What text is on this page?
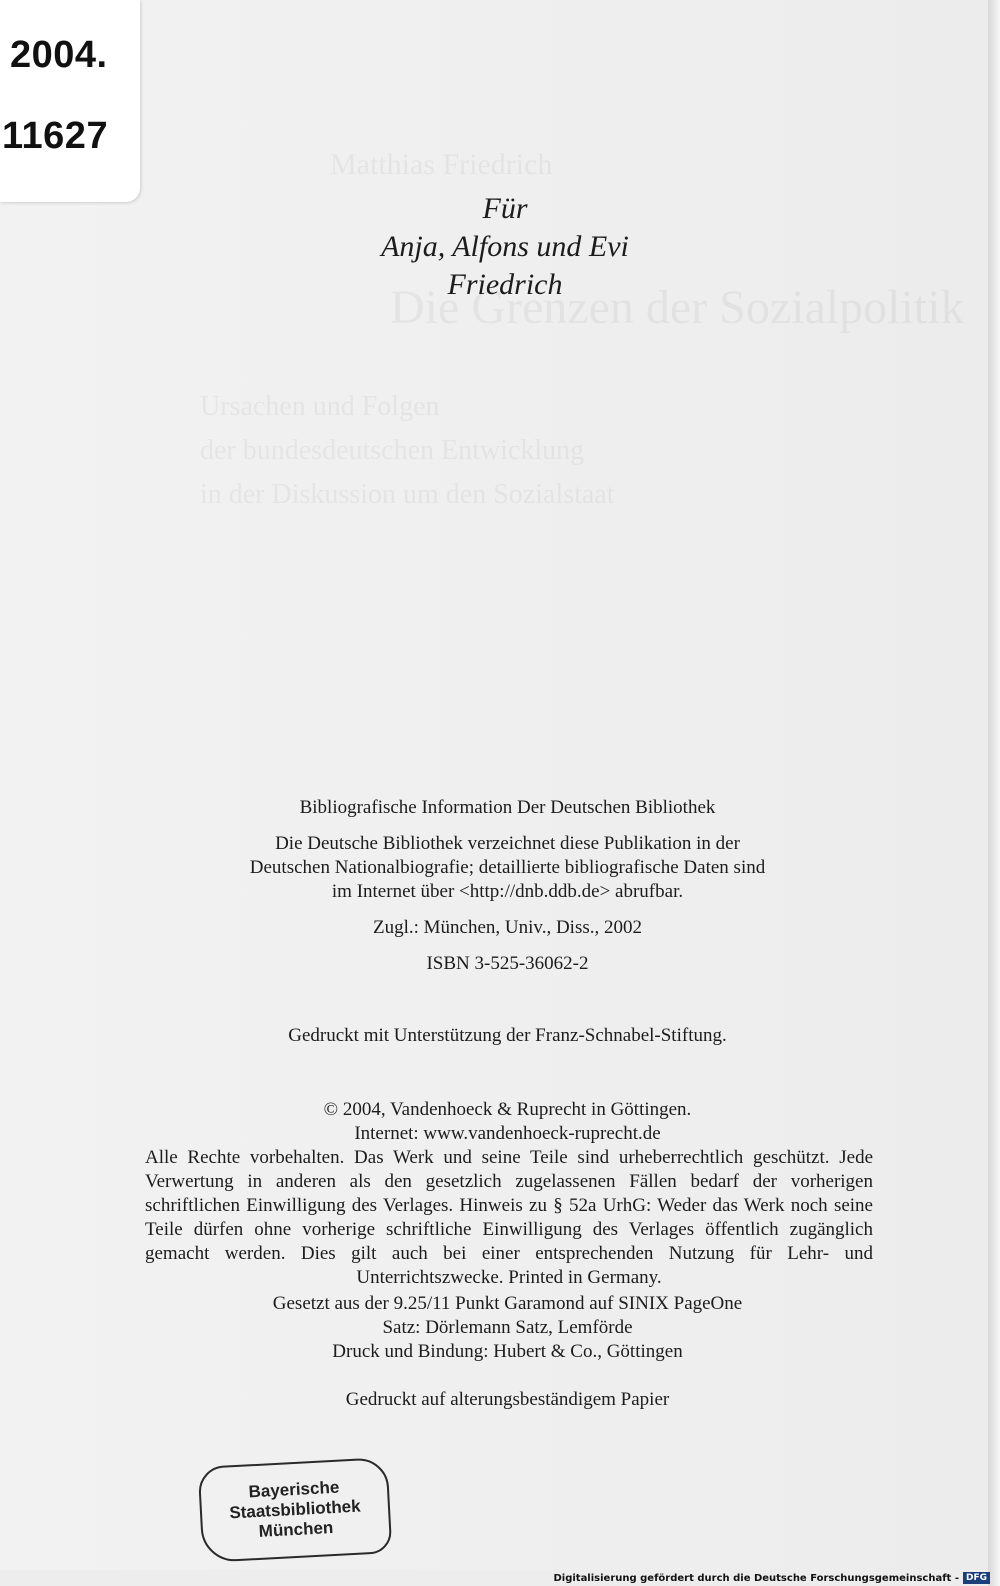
2004.
11627
Für
Anja, Alfons und Evi
Friedrich
Bibliografische Information Der Deutschen Bibliothek
Die Deutsche Bibliothek verzeichnet diese Publikation in der
Deutschen Nationalbiografie; detaillierte bibliografische Daten sind
im Internet über <http://dnb.ddb.de> abrufbar.
Zugl.: München, Univ., Diss., 2002
ISBN 3-525-36062-2
Gedruckt mit Unterstützung der Franz-Schnabel-Stiftung.
© 2004, Vandenhoeck & Ruprecht in Göttingen.
Internet: www.vandenhoeck-ruprecht.de
Alle Rechte vorbehalten. Das Werk und seine Teile sind urheberrechtlich geschützt. Jede Verwertung in anderen als den gesetzlich zugelassenen Fällen bedarf der vorherigen schriftlichen Einwilligung des Verlages. Hinweis zu § 52a UrhG: Weder das Werk noch seine Teile dürfen ohne vorherige schriftliche Einwilligung des Verlages öffentlich zugänglich gemacht werden. Dies gilt auch bei einer entsprechenden Nutzung für Lehr- und Unterrichtszwecke. Printed in Germany.
Gesetzt aus der 9.25/11 Punkt Garamond auf SINIX PageOne
Satz: Dörlemann Satz, Lemförde
Druck und Bindung: Hubert & Co., Göttingen
Gedruckt auf alterungsbeständigem Papier
Bayerische
Staatsbibliothek
München
Digitalisierung gefördert durch die Deutsche Forschungsgemeinschaft - DFG
